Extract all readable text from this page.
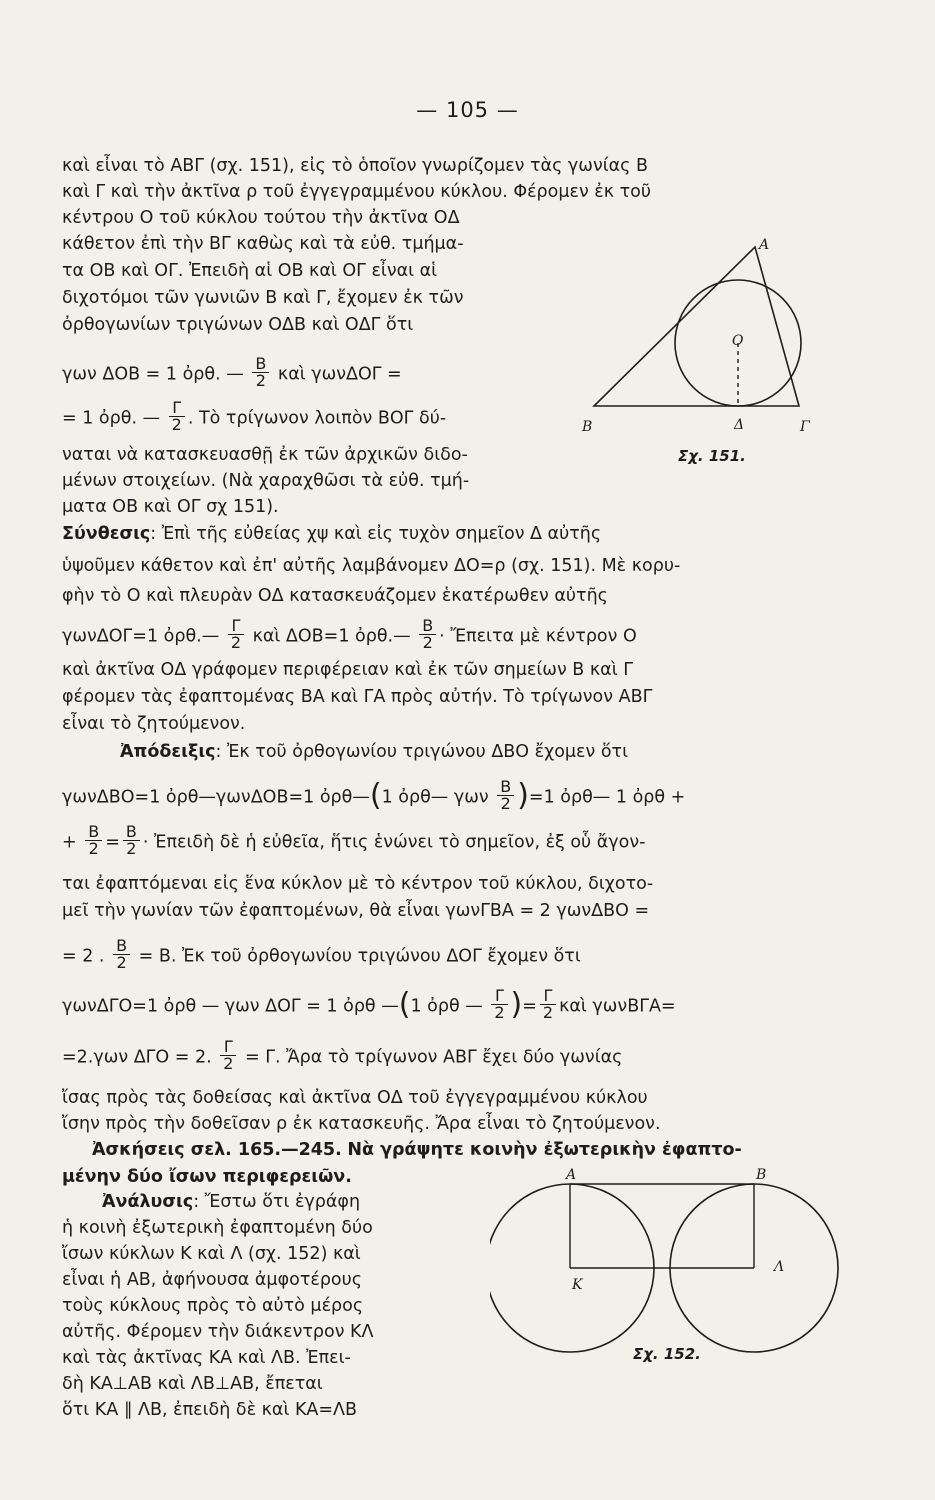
— 105 —
καὶ εἶναι τὸ ΑΒΓ (σχ. 151), εἰς τὸ ὁποῖον γνωρίζομεν τὰς γωνίας Β
καὶ Γ καὶ τὴν ἀκτῖνα ρ τοῦ ἐγγεγραμμένου κύκλου. Φέρομεν ἐκ τοῦ
κέντρου Ο τοῦ κύκλου τούτου τὴν ἀκτῖνα ΟΔ
κάθετον ἐπὶ τὴν ΒΓ καθὼς καὶ τὰ εὐθ. τμήμα-
τα ΟΒ καὶ ΟΓ. Ἐπειδὴ αἱ ΟΒ καὶ ΟΓ εἶναι αἱ
διχοτόμοι τῶν γωνιῶν Β καὶ Γ, ἔχομεν ἐκ τῶν
ὀρθογωνίων τριγώνων ΟΔΒ καὶ ΟΔΓ ὅτι
γων ΔΟΒ = 1 ὀρθ. — $\frac{B}{2}$ καὶ γωνΔΟΓ =
= 1 ὀρθ. — $\frac{\Gamma}{2}$ . Τὸ τρίγωνον λοιπὸν ΒΟΓ δύ-
ναται νὰ κατασκευασθῇ ἐκ τῶν ἀρχικῶν διδο-
μένων στοιχείων. (Νὰ χαραχθῶσι τὰ εὐθ. τμή-
ματα ΟΒ καὶ ΟΓ σχ 151).
Α
Β	Γ
Δ
Ο
Σχ. 151.
Σύνθεσις: Ἐπὶ τῆς εὐθείας χψ καὶ εἰς τυχὸν σημεῖον Δ αὐτῆς
ὑψοῦμεν κάθετον καὶ ἐπ' αὐτῆς λαμβάνομεν ΔΟ=ρ (σχ. 151). Μὲ κορυ-
φὴν τὸ Ο καὶ πλευρὰν ΟΔ κατασκευάζομεν ἑκατέρωθεν αὐτῆς
γωνΔΟΓ=1 ὀρθ.— $\frac{\Gamma}{2}$ καὶ ΔΟΒ=1 ὀρθ.— $\frac{B}{2}$ · Ἔπειτα μὲ κέντρον Ο
καὶ ἀκτῖνα ΟΔ γράφομεν περιφέρειαν καὶ ἐκ τῶν σημείων Β καὶ Γ
φέρομεν τὰς ἐφαπτομένας ΒΑ καὶ ΓΑ πρὸς αὐτήν. Τὸ τρίγωνον ΑΒΓ
εἶναι τὸ ζητούμενον.
Ἀπόδειξις: Ἐκ τοῦ ὀρθογωνίου τριγώνου ΔΒΟ ἔχομεν ὅτι
γωνΔΒΟ=1 ὀρθ—γωνΔΟΒ=1 ὀρθ—(1 ὀρθ— γων $\frac{B}{2} )=1$ ὀρθ— 1 ὀρθ +
+ $\frac{B}{2} = \frac{B}{2}$ · Ἐπειδὴ δὲ ἡ εὐθεῖα, ἥτις ἑνώνει τὸ σημεῖον, ἐξ οὗ ἄγον-
ται ἐφαπτόμεναι εἰς ἕνα κύκλον μὲ τὸ κέντρον τοῦ κύκλου, διχοτο-
μεῖ τὴν γωνίαν τῶν ἐφαπτομένων, θὰ εἶναι γωνΓΒΑ = 2 γωνΔΒΟ =
= 2 . $\frac{B}{2} = B$. Ἐκ τοῦ ὀρθογωνίου τριγώνου ΔΟΓ ἔχομεν ὅτι
γωνΔΓΟ=1 ὀρθ — γων ΔΟΓ = 1 ὀρθ —(1 ὀρθ — $\frac{\Gamma}{2}$ )= $\frac{\Gamma}{2}$ καὶ γωνΒΓΑ=
=2.γων ΔΓΟ = 2. $\frac{\Gamma}{2} = \Gamma$. Ἄρα τὸ τρίγωνον ΑΒΓ ἔχει δύο γωνίας
ἴσας πρὸς τὰς δοθείσας καὶ ἀκτῖνα ΟΔ τοῦ ἐγγεγραμμένου κύκλου
ἴσην πρὸς τὴν δοθεῖσαν ρ ἐκ κατασκευῆς. Ἄρα εἶναι τὸ ζητούμενον.
Ἀσκήσεις σελ. 165.—245. Νὰ γράψητε κοινὴν ἐξωτερικὴν ἐφαπτο-
μένην δύο ἴσων περιφερειῶν.
Ἀνάλυσις: Ἔστω ὅτι ἐγράφη
ἡ κοινὴ ἐξωτερικὴ ἐφαπτομένη δύο
ἴσων κύκλων Κ καὶ Λ (σχ. 152) καὶ
εἶναι ἡ ΑΒ, ἀφήνουσα ἀμφοτέρους
τοὺς κύκλους πρὸς τὸ αὐτὸ μέρος
αὐτῆς. Φέρομεν τὴν διάκεντρον ΚΛ
καὶ τὰς ἀκτῖνας ΚΑ καὶ ΛΒ. Ἐπει-
δὴ ΚΑ⊥ΑΒ καὶ ΛΒ⊥ΑΒ, ἔπεται
ὅτι ΚΑ ∥ ΛΒ, ἐπειδὴ δὲ καὶ ΚΑ=ΛΒ
Α	Β
Κ
Λ
Σχ. 152.
